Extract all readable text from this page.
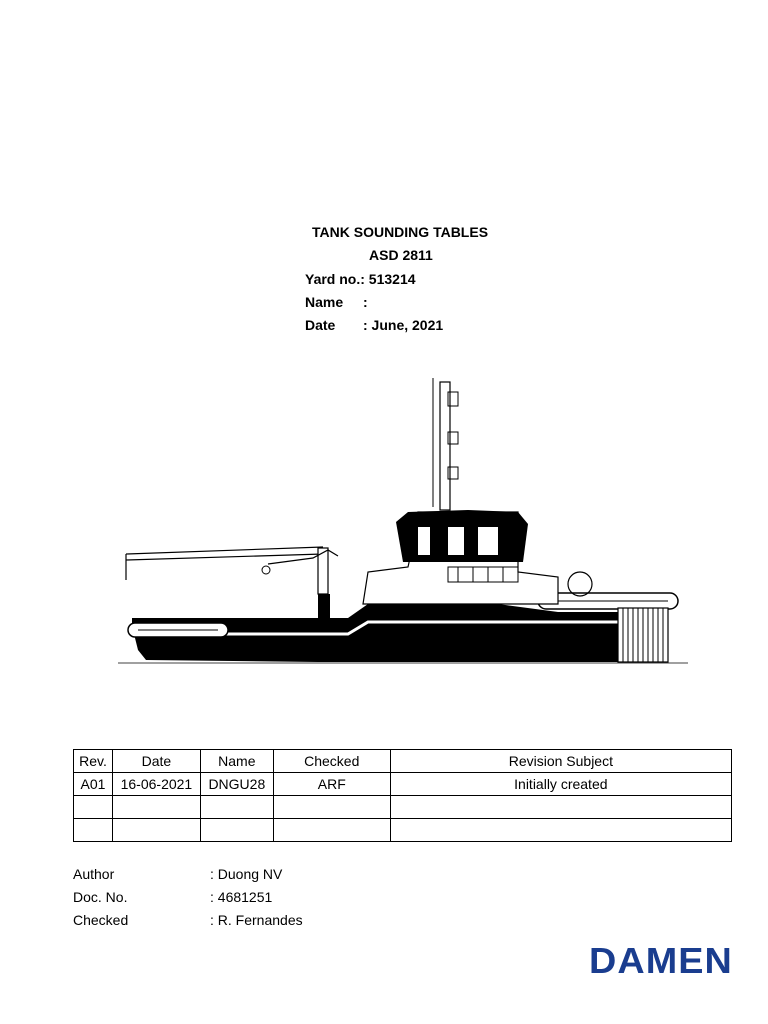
TANK SOUNDING TABLES
ASD 2811
Yard no.: 513214
Name :
Date : June, 2021
Rev.	Date	Name	Checked	Revision Subject
A01	16-06-2021	DNGU28	ARF	Initially created

Author	: Duong NV
Doc. No.	: 4681251
Checked	: R. Fernandes
DAMEN
